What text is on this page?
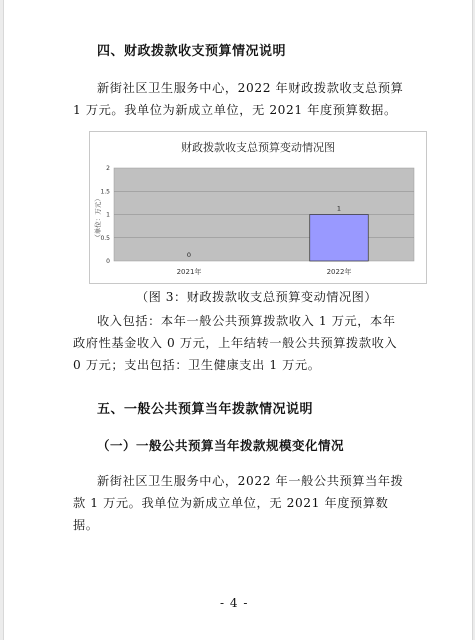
四、财政拨款收支预算情况说明

新街社区卫生服务中心，2022 年财政拨款收支总预算 1 万元。我单位为新成立单位，无 2021 年度预算数据。

财政拨款收支总预算变动情况图
（单位：万元）
0
0.5
1
1.5
2
0
1
2021年	2022年
（图 3：财政拨款收支总预算变动情况图）

收入包括：本年一般公共预算拨款收入 1 万元，本年政府性基金收入 0 万元，上年结转一般公共预算拨款收入 0 万元；支出包括：卫生健康支出 1 万元。

五、一般公共预算当年拨款情况说明
（一）一般公共预算当年拨款规模变化情况

新街社区卫生服务中心，2022 年一般公共预算当年拨款 1 万元。我单位为新成立单位，无 2021 年度预算数据。

- 4 -
